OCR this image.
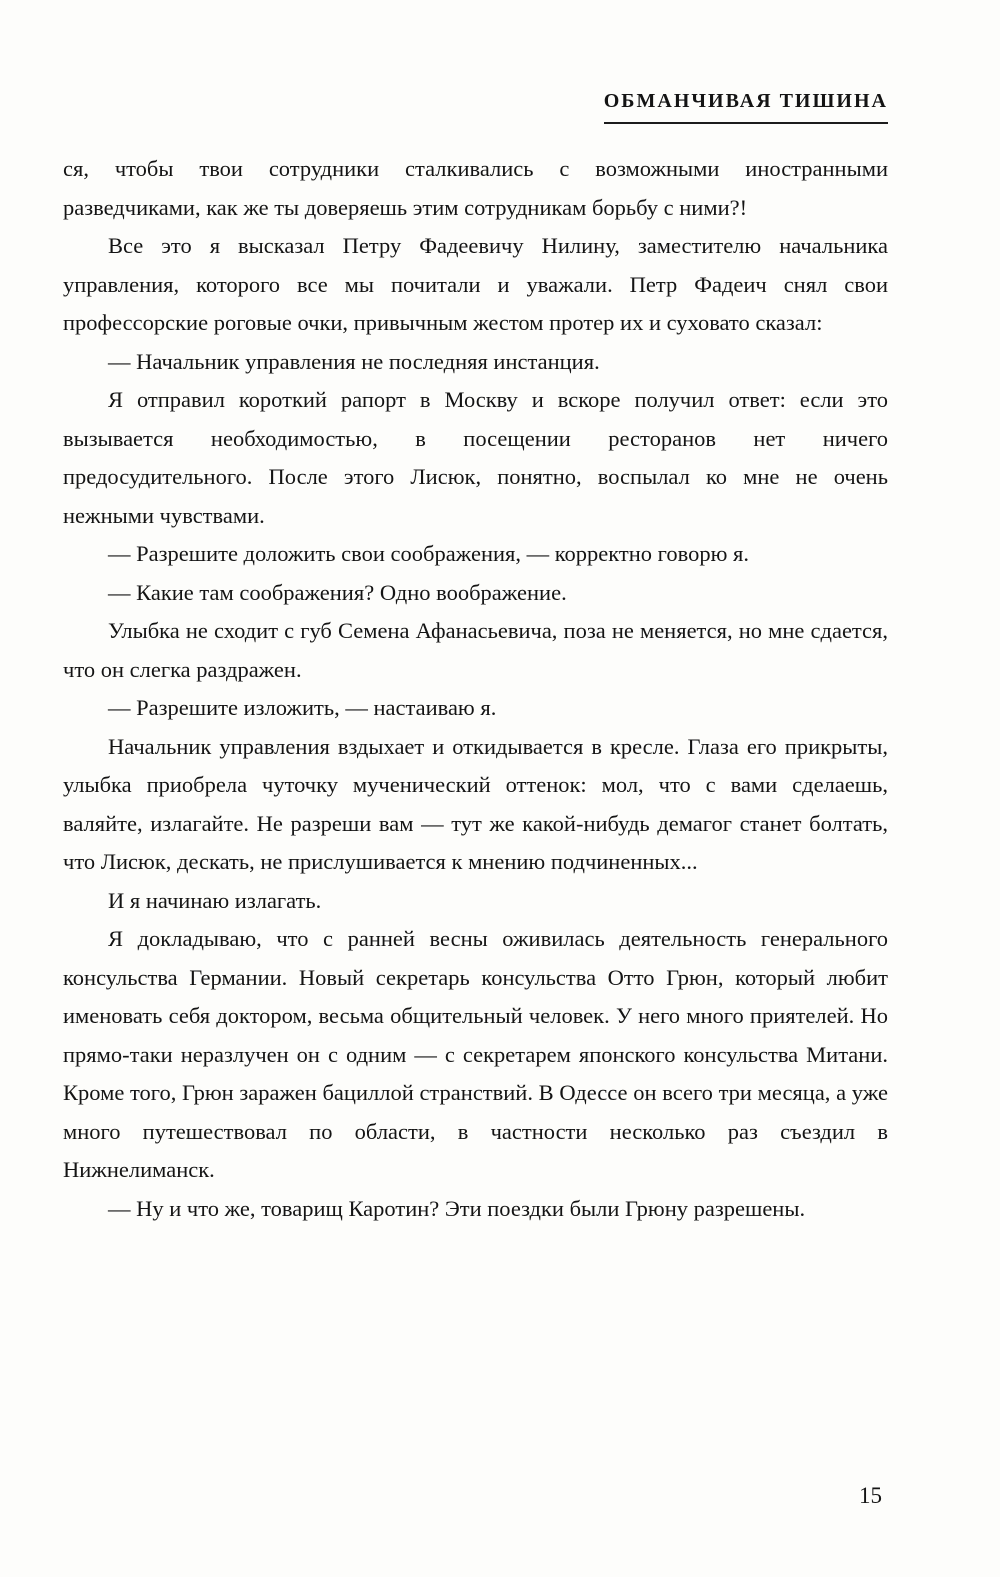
ОБМАНЧИВАЯ ТИШИНА

ся, чтобы твои сотрудники сталкивались с возможными иностранными разведчиками, как же ты доверяешь этим сотрудникам борьбу с ними?!

Все это я высказал Петру Фадеевичу Нилину, заместителю начальника управления, которого все мы почитали и уважали. Петр Фадеич снял свои профессорские роговые очки, привычным жестом протер их и суховато сказал:

— Начальник управления не последняя инстанция.

Я отправил короткий рапорт в Москву и вскоре получил ответ: если это вызывается необходимостью, в посещении ресторанов нет ничего предосудительного. После этого Лисюк, понятно, воспылал ко мне не очень нежными чувствами.

— Разрешите доложить свои соображения, — корректно говорю я.

— Какие там соображения? Одно воображение.

Улыбка не сходит с губ Семена Афанасьевича, поза не меняется, но мне сдается, что он слегка раздражен.

— Разрешите изложить, — настаиваю я.

Начальник управления вздыхает и откидывается в кресле. Глаза его прикрыты, улыбка приобрела чуточку мученический оттенок: мол, что с вами сделаешь, валяйте, излагайте. Не разреши вам — тут же какой-нибудь демагог станет болтать, что Лисюк, дескать, не прислушивается к мнению подчиненных...

И я начинаю излагать.

Я докладываю, что с ранней весны оживилась деятельность генерального консульства Германии. Новый секретарь консульства Отто Грюн, который любит именовать себя доктором, весьма общительный человек. У него много приятелей. Но прямо-таки неразлучен он с одним — с секретарем японского консульства Митани. Кроме того, Грюн заражен бациллой странствий. В Одессе он всего три месяца, а уже много путешествовал по области, в частности несколько раз съездил в Нижнелиманск.

— Ну и что же, товарищ Каротин? Эти поездки были Грюну разрешены.

15
